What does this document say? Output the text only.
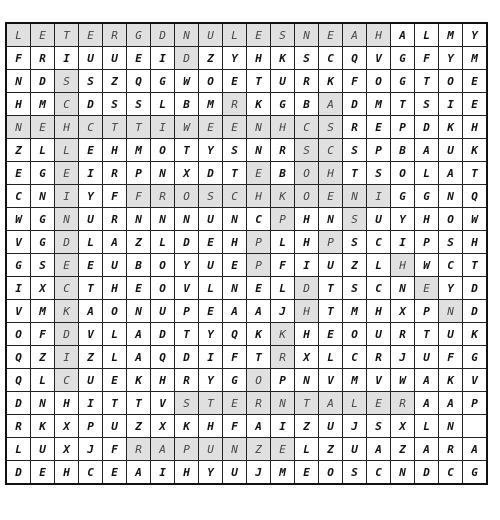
L	E	T	E	R	G	D	N	U	L	E	S	N	E	A	H	A	L	M	Y
F	R	I	U	U	E	I	D	Z	Y	H	K	S	C	Q	V	G	F	Y	M
N	D	S	S	Z	Q	G	W	O	E	T	U	R	K	F	O	G	T	O	E
H	M	C	D	S	S	L	B	M	R	K	G	B	A	D	M	T	S	I	E
N	E	H	C	T	T	I	W	E	E	N	H	C	S	R	E	P	D	K	H
Z	L	L	E	H	M	O	T	Y	S	N	R	S	C	S	P	B	A	U	K
E	G	E	I	R	P	N	X	D	T	E	B	O	H	T	S	O	L	A	T
C	N	I	Y	F	F	R	O	S	C	H	K	O	E	N	I	G	G	N	Q
W	G	N	U	R	N	N	N	U	N	C	P	H	N	S	U	Y	H	O	W
V	G	D	L	A	Z	L	D	E	H	P	L	H	P	S	C	I	P	S	H
G	S	E	E	U	B	O	Y	U	E	P	F	I	U	Z	L	H	W	C	T
I	X	C	T	H	E	O	V	L	N	E	L	D	T	S	C	N	E	Y	D
V	M	K	A	O	N	U	P	E	A	A	J	H	T	M	H	X	P	N	D
O	F	D	V	L	A	D	T	Y	Q	K	K	H	E	O	U	R	T	U	K
Q	Z	I	Z	L	A	Q	D	I	F	T	R	X	L	C	R	J	U	F	G
Q	L	C	U	E	K	H	R	Y	G	O	P	N	V	M	V	W	A	K	V
D	N	H	I	T	T	V	S	T	E	R	N	T	A	L	E	R	A	A	P
R	K	X	P	U	Z	X	K	H	F	A	I	Z	U	J	S	X	L	N	
L	U	X	J	F	R	A	P	U	N	Z	E	L	Z	U	A	Z	A	R	A
D	E	H	C	E	A	I	H	Y	U	J	M	E	O	S	C	N	D	C	G
